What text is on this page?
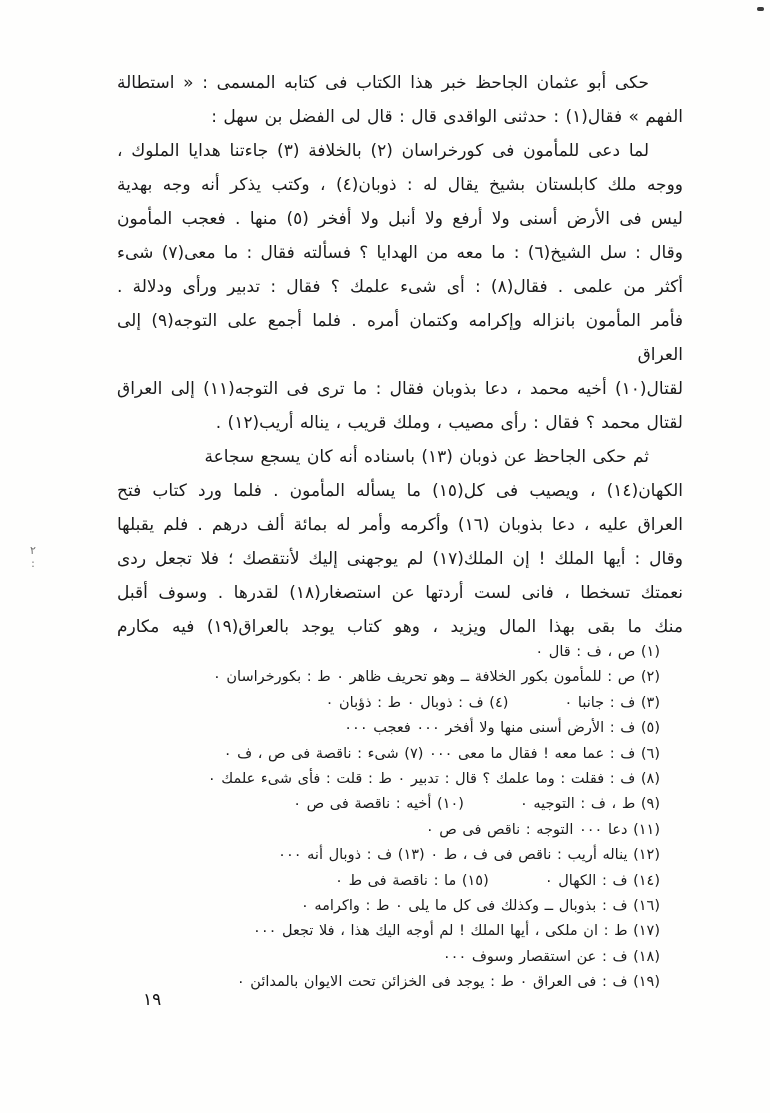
٢
:
حكى أبو عثمان الجاحظ خبر هذا الكتاب فى كتابه المسمى : « استطالة
الفهم » فقال(١) : حدثنى الواقدى قال : قال لى الفضل بن سهل :
لما دعى للمأمون فى كورخراسان (٢) بالخلافة (٣) جاءتنا هدايا الملوك ،
ووجه ملك كابلستان بشيخ يقال له : ذوبان(٤) ، وكتب يذكر أنه وجه بهدية
ليس فى الأرض أسنى ولا أرفع ولا أنبل ولا أفخر (٥) منها . فعجب المأمون
وقال : سل الشيخ(٦) : ما معه من الهدايا ؟ فسألته فقال : ما معى(٧) شىء
أكثر من علمى . فقال(٨) : أى شىء علمك ؟ فقال : تدبير ورأى ودلالة .
فأمر المأمون بانزاله وإكرامه وكتمان أمره . فلما أجمع على التوجه(٩) إلى العراق
لقتال(١٠) أخيه محمد ، دعا بذوبان فقال : ما ترى فى التوجه(١١) إلى العراق
لقتال محمد ؟ فقال : رأى مصيب ، وملك قريب ، يناله أريب(١٢) .
ثم حكى الجاحظ عن ذوبان (١٣) باسناده أنه كان يسجع سجاعة
الكهان(١٤) ، ويصيب فى كل(١٥) ما يسأله المأمون . فلما ورد كتاب فتح
العراق عليه ، دعا بذوبان (١٦) وأكرمه وأمر له بمائة ألف درهم . فلم يقبلها
وقال : أيها الملك ! إن الملك(١٧) لم يوجهنى إليك لأنتقصك ؛ فلا تجعل ردى
نعمتك تسخطا ، فانى لست أردتها عن استصغار(١٨) لقدرها . وسوف أقبل
منك ما بقى بهذا المال ويزيد ، وهو كتاب يوجد بالعراق(١٩) فيه مكارم
(١) ص ، ف : قال ٠
(٢) ص : للمأمون بكور الخلافة ــ وهو تحريف ظاهر ٠ ط : بكورخراسان ٠
(٣) ف : جانبا ٠          (٤) ف : ذوبال ٠ ط : ذؤبان ٠
(٥) ف : الأرض أسنى منها ولا أفخر ٠٠٠ فعجب ٠٠٠
(٦) ف : عما معه ! فقال ما معى ٠٠٠ (٧) شىء : ناقصة فى ص ، ف ٠
(٨) ف : فقلت : وما علمك ؟ قال : تدبير ٠ ط : قلت : فأى شىء علمك ٠
(٩) ط ، ف : التوجيه ٠          (١٠) أخيه : ناقصة فى ص ٠
(١١) دعا ٠٠٠ التوجه : ناقص فى ص ٠
(١٢) يناله أريب : ناقص فى ف ، ط ٠ (١٣) ف : ذوبال أنه ٠٠٠
(١٤) ف : الكهال ٠          (١٥) ما : ناقصة فى ط ٠
(١٦) ف : بذوبال ــ وكذلك فى كل ما يلى ٠ ط : واكرامه ٠
(١٧) ط : ان ملكى ، أيها الملك ! لم أوجه اليك هذا ، فلا تجعل ٠٠٠
(١٨) ف : عن استقصار وسوف ٠٠٠
(١٩) ف : فى العراق ٠ ط : يوجد فى الخزائن تحت الايوان بالمدائن ٠
١٩
